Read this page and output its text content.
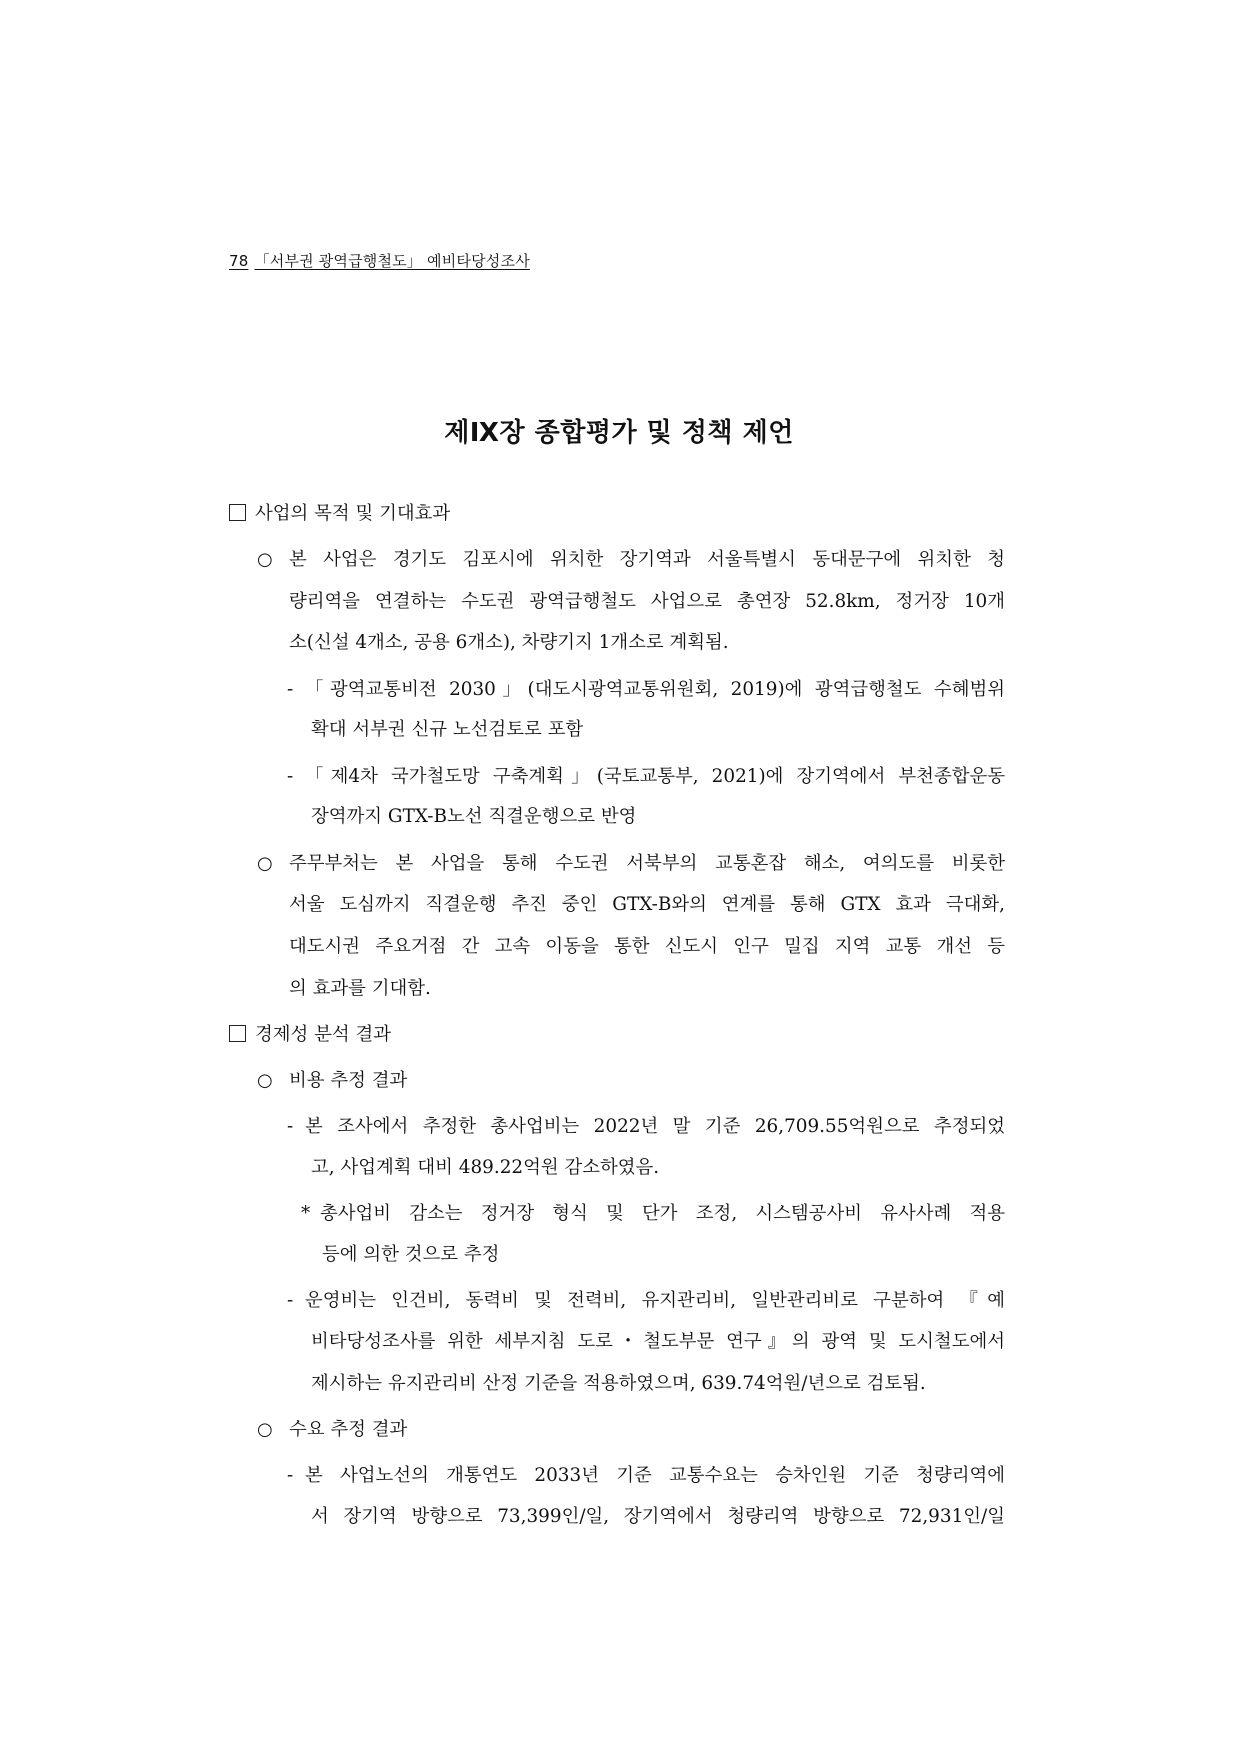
78 「서부권 광역급행철도」 예비타당성조사
제Ⅸ장 종합평가 및 정책 제언
사업의 목적 및 기대효과
○ 본 사업은 경기도 김포시에 위치한 장기역과 서울특별시 동대문구에 위치한 청
량리역을 연결하는 수도권 광역급행철도 사업으로 총연장 52.8km, 정거장 10개
소(신설 4개소, 공용 6개소), 차량기지 1개소로 계획됨.
- 「광역교통비전 2030」(대도시광역교통위원회, 2019)에 광역급행철도 수혜범위
확대 서부권 신규 노선검토로 포함
- 「제4차 국가철도망 구축계획」(국토교통부, 2021)에 장기역에서 부천종합운동
장역까지 GTX-B노선 직결운행으로 반영
○ 주무부처는 본 사업을 통해 수도권 서북부의 교통혼잡 해소, 여의도를 비롯한
서울 도심까지 직결운행 추진 중인 GTX-B와의 연계를 통해 GTX 효과 극대화,
대도시권 주요거점 간 고속 이동을 통한 신도시 인구 밀집 지역 교통 개선 등
의 효과를 기대함.
경제성 분석 결과
○ 비용 추정 결과
- 본 조사에서 추정한 총사업비는 2022년 말 기준 26,709.55억원으로 추정되었
고, 사업계획 대비 489.22억원 감소하였음.
* 총사업비 감소는 정거장 형식 및 단가 조정, 시스템공사비 유사사례 적용
등에 의한 것으로 추정
- 운영비는 인건비, 동력비 및 전력비, 유지관리비, 일반관리비로 구분하여 『예
비타당성조사를 위한 세부지침 도로・철도부문 연구』의 광역 및 도시철도에서
제시하는 유지관리비 산정 기준을 적용하였으며, 639.74억원/년으로 검토됨.
○ 수요 추정 결과
- 본 사업노선의 개통연도 2033년 기준 교통수요는 승차인원 기준 청량리역에
서 장기역 방향으로 73,399인/일, 장기역에서 청량리역 방향으로 72,931인/일
